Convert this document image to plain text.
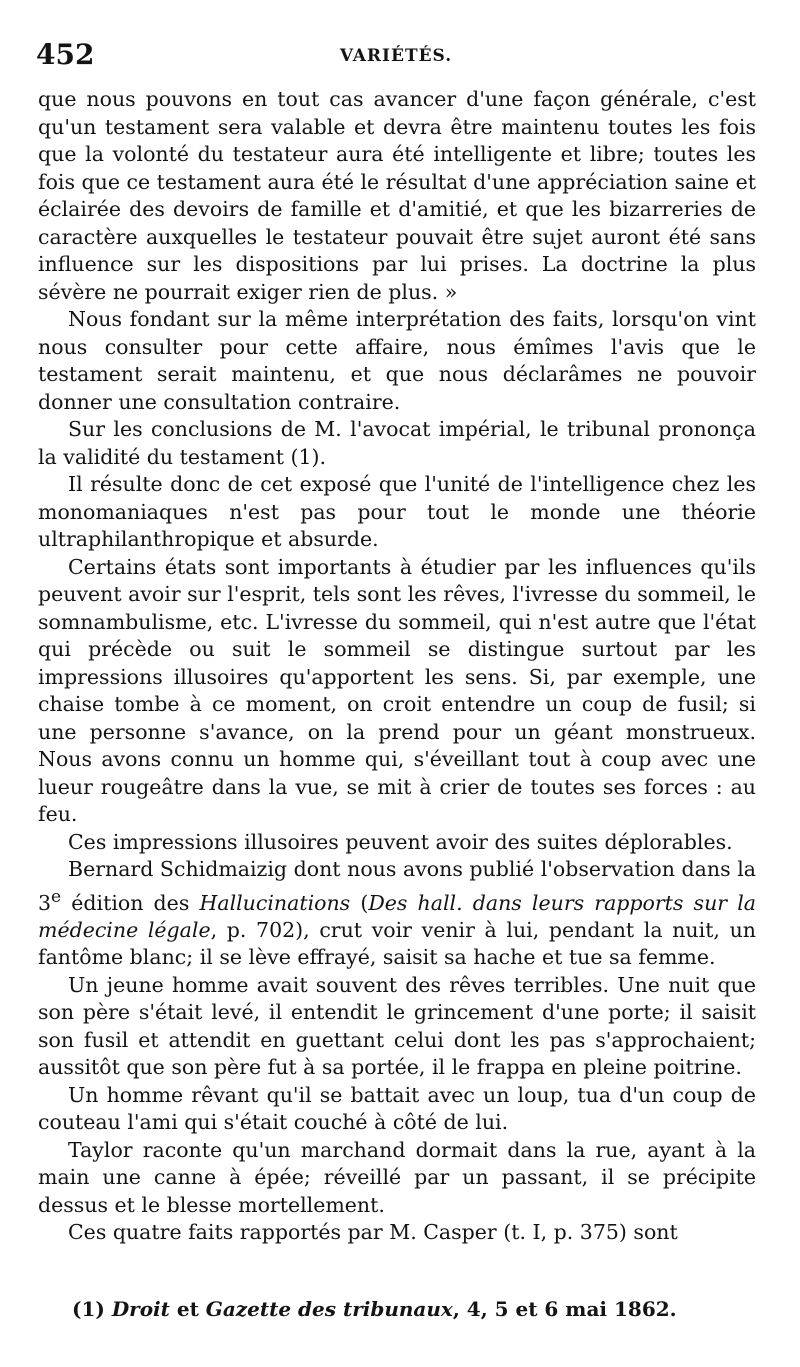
452	VARIÉTÉS.

que nous pouvons en tout cas avancer d'une façon générale, c'est qu'un testament sera valable et devra être maintenu toutes les fois que la volonté du testateur aura été intelligente et libre; toutes les fois que ce testament aura été le résultat d'une appréciation saine et éclairée des devoirs de famille et d'amitié, et que les bizarreries de caractère auxquelles le testateur pouvait être sujet auront été sans influence sur les dispositions par lui prises. La doctrine la plus sévère ne pourrait exiger rien de plus. »

Nous fondant sur la même interprétation des faits, lorsqu'on vint nous consulter pour cette affaire, nous émîmes l'avis que le testament serait maintenu, et que nous déclarâmes ne pouvoir donner une consultation contraire.

Sur les conclusions de M. l'avocat impérial, le tribunal prononça la validité du testament (1).

Il résulte donc de cet exposé que l'unité de l'intelligence chez les monomaniaques n'est pas pour tout le monde une théorie ultraphilanthropique et absurde.

Certains états sont importants à étudier par les influences qu'ils peuvent avoir sur l'esprit, tels sont les rêves, l'ivresse du sommeil, le somnambulisme, etc. L'ivresse du sommeil, qui n'est autre que l'état qui précède ou suit le sommeil se distingue surtout par les impressions illusoires qu'apportent les sens. Si, par exemple, une chaise tombe à ce moment, on croit entendre un coup de fusil; si une personne s'avance, on la prend pour un géant monstrueux. Nous avons connu un homme qui, s'éveillant tout à coup avec une lueur rougeâtre dans la vue, se mit à crier de toutes ses forces : au feu.

Ces impressions illusoires peuvent avoir des suites déplorables.

Bernard Schidmaizig dont nous avons publié l'observation dans la 3e édition des Hallucinations (Des hall. dans leurs rapports sur la médecine légale, p. 702), crut voir venir à lui, pendant la nuit, un fantôme blanc; il se lève effrayé, saisit sa hache et tue sa femme.

Un jeune homme avait souvent des rêves terribles. Une nuit que son père s'était levé, il entendit le grincement d'une porte; il saisit son fusil et attendit en guettant celui dont les pas s'approchaient; aussitôt que son père fut à sa portée, il le frappa en pleine poitrine.

Un homme rêvant qu'il se battait avec un loup, tua d'un coup de couteau l'ami qui s'était couché à côté de lui.

Taylor raconte qu'un marchand dormait dans la rue, ayant à la main une canne à épée; réveillé par un passant, il se précipite dessus et le blesse mortellement.

Ces quatre faits rapportés par M. Casper (t. I, p. 375) sont

(1) Droit et Gazette des tribunaux, 4, 5 et 6 mai 1862.
